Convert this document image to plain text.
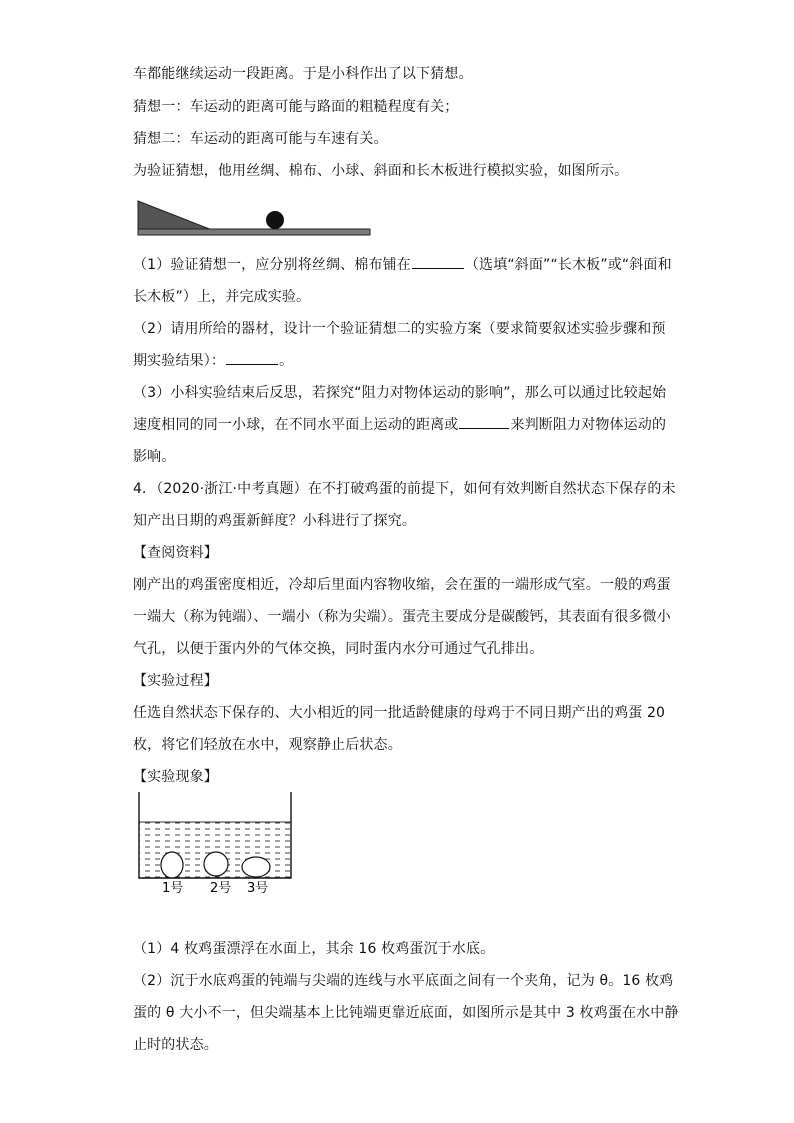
车都能继续运动一段距离。于是小科作出了以下猜想。
猜想一：车运动的距离可能与路面的粗糙程度有关；
猜想二：车运动的距离可能与车速有关。
为验证猜想，他用丝绸、棉布、小球、斜面和长木板进行模拟实验，如图所示。
（1）验证猜想一，应分别将丝绸、棉布铺在	（选填“斜面”“长木板”或“斜面和
长木板”）上，并完成实验。
（2）请用所给的器材，设计一个验证猜想二的实验方案（要求简要叙述实验步骤和预
期实验结果）：	。
（3）小科实验结束后反思，若探究“阻力对物体运动的影响”，那么可以通过比较起始
速度相同的同一小球，在不同水平面上运动的距离或	来判断阻力对物体运动的
影响。
4．（2020·浙江·中考真题）在不打破鸡蛋的前提下，如何有效判断自然状态下保存的未
知产出日期的鸡蛋新鲜度？小科进行了探究。
【查阅资料】
刚产出的鸡蛋密度相近，冷却后里面内容物收缩，会在蛋的一端形成气室。一般的鸡蛋
一端大（称为钝端）、一端小（称为尖端）。蛋壳主要成分是碳酸钙，其表面有很多微小
气孔，以便于蛋内外的气体交换，同时蛋内水分可通过气孔排出。
【实验过程】
任选自然状态下保存的、大小相近的同一批适龄健康的母鸡于不同日期产出的鸡蛋 20
枚，将它们轻放在水中，观察静止后状态。
【实验现象】
1号 2号 3号
（1）4 枚鸡蛋漂浮在水面上，其余 16 枚鸡蛋沉于水底。
（2）沉于水底鸡蛋的钝端与尖端的连线与水平底面之间有一个夹角，记为 θ。16 枚鸡
蛋的 θ 大小不一，但尖端基本上比钝端更靠近底面，如图所示是其中 3 枚鸡蛋在水中静
止时的状态。
